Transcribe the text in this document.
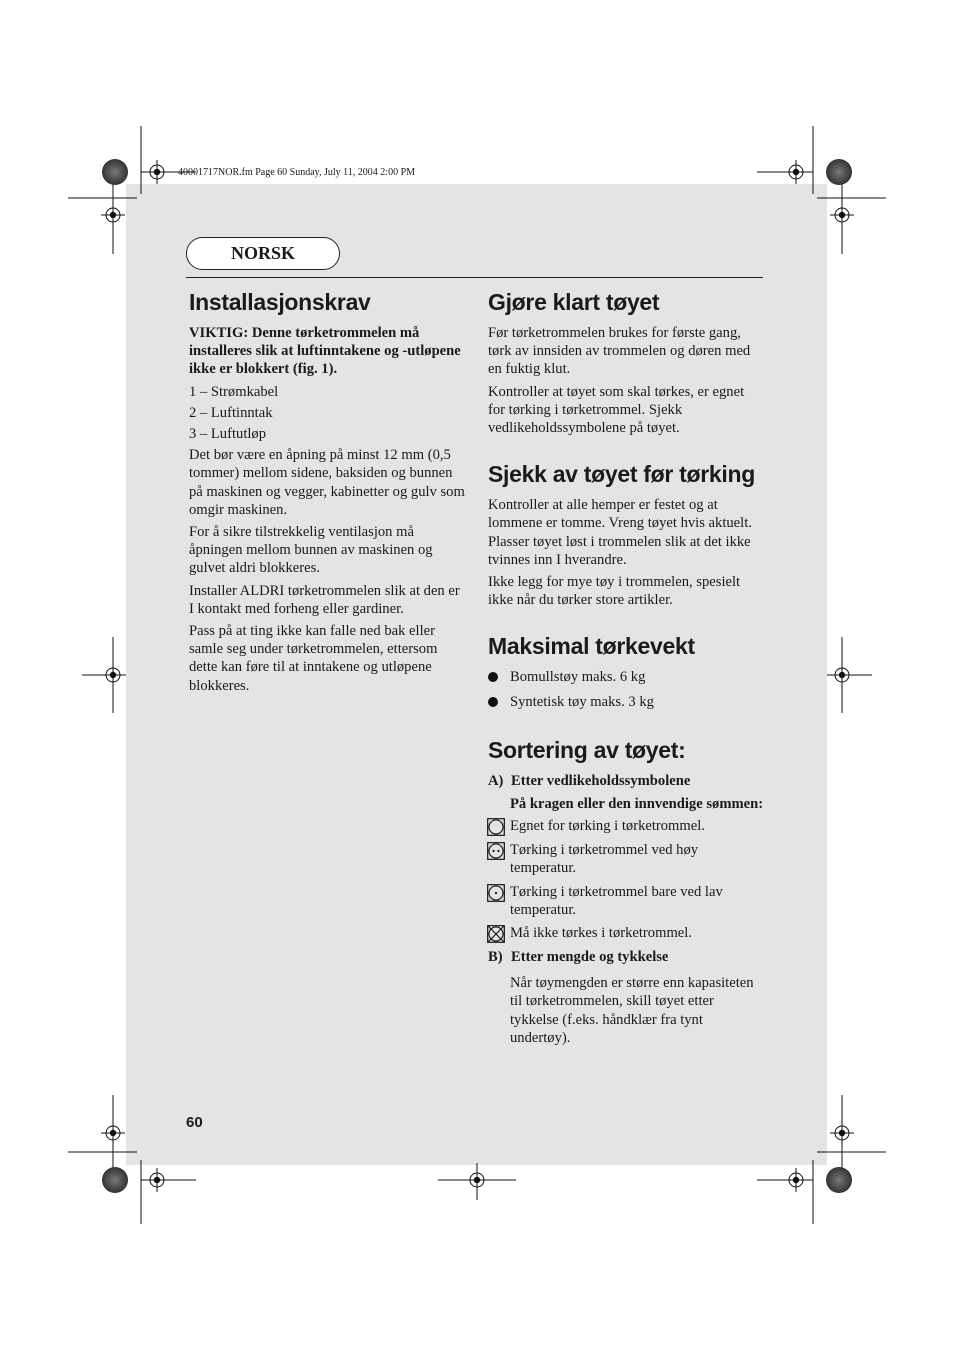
40001717NOR.fm Page 60 Sunday, July 11, 2004 2:00 PM
NORSK
Installasjonskrav

VIKTIG: Denne tørketrommelen må installeres slik at luftinntakene og -utløpene ikke er blokkert (fig. 1).

1 – Strømkabel

2 – Luftinntak

3 – Luftutløp

Det bør være en åpning på minst 12 mm (0,5 tommer) mellom sidene, baksiden og bunnen på maskinen og vegger, kabinetter og gulv som omgir maskinen.

For å sikre tilstrekkelig ventilasjon må åpningen mellom bunnen av maskinen og gulvet aldri blokkeres.

Installer ALDRI tørketrommelen slik at den er I kontakt med forheng eller gardiner.

Pass på at ting ikke kan falle ned bak eller samle seg under tørketrommelen, ettersom dette kan føre til at inntakene og utløpene blokkeres.

Gjøre klart tøyet

Før tørketrommelen brukes for første gang, tørk av innsiden av trommelen og døren med en fuktig klut.

Kontroller at tøyet som skal tørkes, er egnet for tørking i tørketrommel. Sjekk vedlikeholdssymbolene på tøyet.

Sjekk av tøyet før tørking

Kontroller at alle hemper er festet og at lommene er tomme. Vreng tøyet hvis aktuelt. Plasser tøyet løst i trommelen slik at det ikke tvinnes inn I hverandre.

Ikke legg for mye tøy i trommelen, spesielt ikke når du tørker store artikler.

Maksimal tørkevekt
Bomullstøy maks. 6 kg
Syntetisk tøy maks. 3 kg
Sortering av tøyet:
A) Etter vedlikeholdssymbolene

På kragen eller den innvendige sømmen:

Egnet for tørking i tørketrommel.
Tørking i tørketrommel ved høy temperatur.
Tørking i tørketrommel bare ved lav temperatur.
Må ikke tørkes i tørketrommel.
B) Etter mengde og tykkelse

Når tøymengden er større enn kapasiteten til tørketrommelen, skill tøyet etter tykkelse (f.eks. håndklær fra tynt undertøy).

60
